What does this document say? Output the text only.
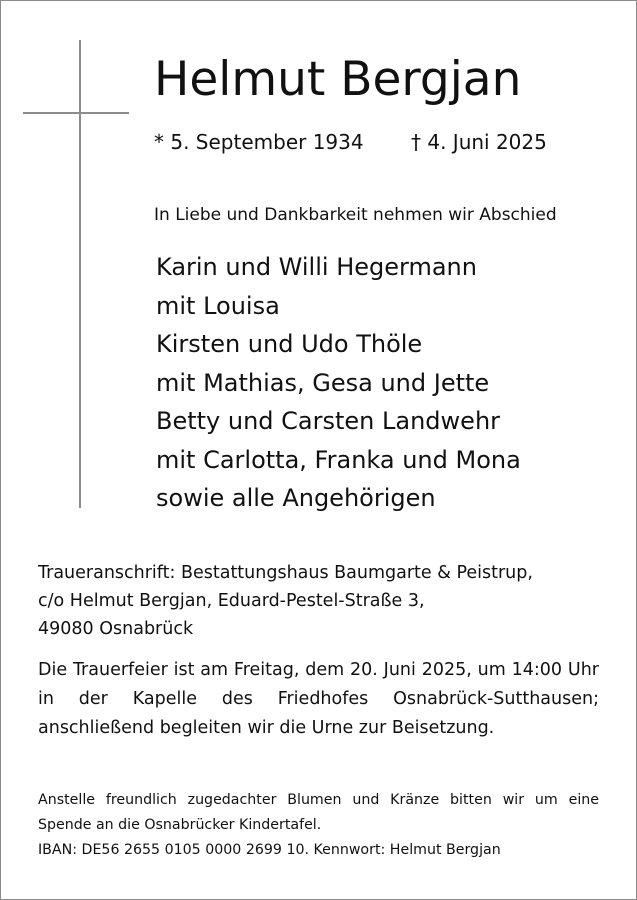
Helmut Bergjan
* 5. September 1934 † 4. Juni 2025
In Liebe und Dankbarkeit nehmen wir Abschied
Karin und Willi Hegermann
mit Louisa
Kirsten und Udo Thöle
mit Mathias, Gesa und Jette
Betty und Carsten Landwehr
mit Carlotta, Franka und Mona
sowie alle Angehörigen
Traueranschrift: Bestattungshaus Baumgarte & Peistrup,
c/o Helmut Bergjan, Eduard-Pestel-Straße 3,
49080 Osnabrück

Die Trauerfeier ist am Freitag, dem 20. Juni 2025, um 14:00 Uhr in der Kapelle des Friedhofes Osnabrück-Sutthausen; anschließend begleiten wir die Urne zur Beisetzung.

Anstelle freundlich zugedachter Blumen und Kränze bitten wir um eine Spende an die Osnabrücker Kindertafel.

IBAN: DE56 2655 0105 0000 2699 10. Kennwort: Helmut Bergjan
